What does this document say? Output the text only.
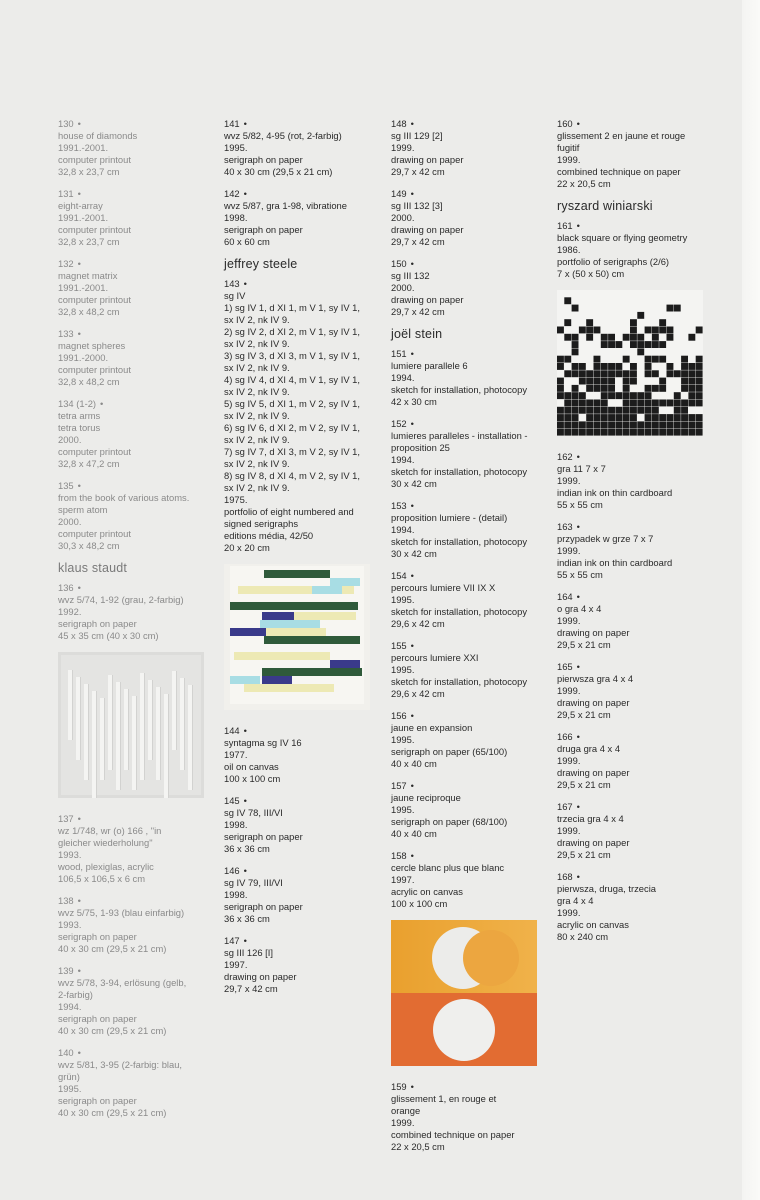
130 •
house of diamonds
1991.-2001.
computer printout
32,8 x 23,7 cm
131 •
eight-array
1991.-2001.
computer printout
32,8 x 23,7 cm
132 •
magnet matrix
1991.-2001.
computer printout
32,8 x 48,2 cm
133 •
magnet spheres
1991.-2000.
computer printout
32,8 x 48,2 cm
134 (1-2) •
tetra arms
tetra torus
2000.
computer printout
32,8 x 47,2 cm
135 •
from the book of various atoms.
sperm atom
2000.
computer printout
30,3 x 48,2 cm
klaus staudt
136 •
wvz 5/74, 1-92 (grau, 2-farbig)
1992.
serigraph on paper
45 x 35 cm (40 x 30 cm)
137 •
wz 1/748, wr (o) 166 , "in
gleicher wiederholung"
1993.
wood, plexiglas, acrylic
106,5 x 106,5 x 6 cm
138 •
wvz 5/75, 1-93 (blau einfarbig)
1993.
serigraph on paper
40 x 30 cm (29,5 x 21 cm)
139 •
wvz 5/78, 3-94, erlösung (gelb,
2-farbig)
1994.
serigraph on paper
40 x 30 cm (29,5 x 21 cm)
140 •
wvz 5/81, 3-95 (2-farbig: blau,
grün)
1995.
serigraph on paper
40 x 30 cm (29,5 x 21 cm)
141 •
wvz 5/82, 4-95 (rot, 2-farbig)
1995.
serigraph on paper
40 x 30 cm (29,5 x 21 cm)
142 •
wvz 5/87, gra 1-98, vibratione
1998.
serigraph on paper
60 x 60 cm
jeffrey steele
143 •
sg IV
1) sg IV 1, d XI 1, m V 1, sy IV 1,
sx IV 2, nk IV 9.
2) sg IV 2, d XI 2, m V 1, sy IV 1,
sx IV 2, nk IV 9.
3) sg IV 3, d XI 3, m V 1, sy IV 1,
sx IV 2, nk IV 9.
4) sg IV 4, d XI 4, m V 1, sy IV 1,
sx IV 2, nk IV 9.
5) sg IV 5, d XI 1, m V 2, sy IV 1,
sx IV 2, nk IV 9.
6) sg IV 6, d XI 2, m V 2, sy IV 1,
sx IV 2, nk IV 9.
7) sg IV 7, d XI 3, m V 2, sy IV 1,
sx IV 2, nk IV 9.
8) sg IV 8, d XI 4, m V 2, sy IV 1,
sx IV 2, nk IV 9.
1975.
portfolio of eight numbered and
signed serigraphs
editions média, 42/50
20 x 20 cm
144 •
syntagma sg IV 16
1977.
oil on canvas
100 x 100 cm
145 •
sg IV 78, III/VI
1998.
serigraph on paper
36 x 36 cm
146 •
sg IV 79, III/VI
1998.
serigraph on paper
36 x 36 cm
147 •
sg III 126 [I]
1997.
drawing on paper
29,7 x 42 cm
148 •
sg III 129 [2]
1999.
drawing on paper
29,7 x 42 cm
149 •
sg III 132 [3]
2000.
drawing on paper
29,7 x 42 cm
150 •
sg III 132
2000.
drawing on paper
29,7 x 42 cm
joël stein
151 •
lumiere parallele 6
1994.
sketch for installation, photocopy
42 x 30 cm
152 •
lumieres paralleles - installation -
proposition 25
1994.
sketch for installation, photocopy
30 x 42 cm
153 •
proposition lumiere - (detail)
1994.
sketch for installation, photocopy
30 x 42 cm
154 •
percours lumiere VII IX X
1995.
sketch for installation, photocopy
29,6 x 42 cm
155 •
percours lumiere XXI
1995.
sketch for installation, photocopy
29,6 x 42 cm
156 •
jaune en expansion
1995.
serigraph on paper (65/100)
40 x 40 cm
157 •
jaune reciproque
1995.
serigraph on paper (68/100)
40 x 40 cm
158 •
cercle blanc plus que blanc
1997.
acrylic on canvas
100 x 100 cm
159 •
glissement 1, en rouge et
orange
1999.
combined technique on paper
22 x 20,5 cm
160 •
glissement 2 en jaune et rouge
fugitif
1999.
combined technique on paper
22 x 20,5 cm
ryszard winiarski
161 •
black square or flying geometry
1986.
portfolio of serigraphs (2/6)
7 x (50 x 50) cm
162 •
gra 11 7 x 7
1999.
indian ink on thin cardboard
55 x 55 cm
163 •
przypadek w grze 7 x 7
1999.
indian ink on thin cardboard
55 x 55 cm
164 •
o gra 4 x 4
1999.
drawing on paper
29,5 x 21 cm
165 •
pierwsza gra 4 x 4
1999.
drawing on paper
29,5 x 21 cm
166 •
druga gra 4 x 4
1999.
drawing on paper
29,5 x 21 cm
167 •
trzecia gra 4 x 4
1999.
drawing on paper
29,5 x 21 cm
168 •
pierwsza, druga, trzecia
gra 4 x 4
1999.
acrylic on canvas
80 x 240 cm
